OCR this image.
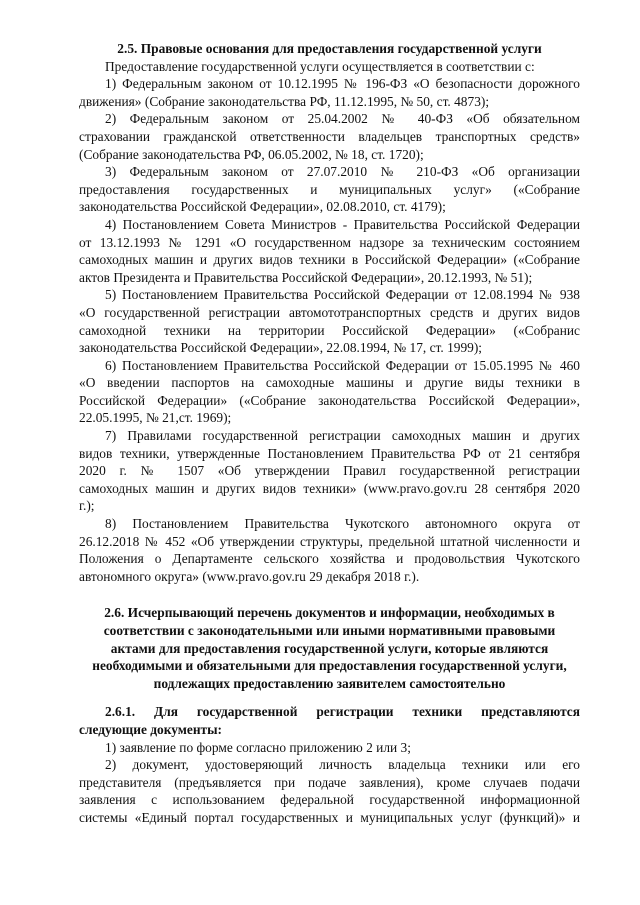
2.5. Правовые основания для предоставления государственной услуги
Предоставление государственной услуги осуществляется в соответствии с:
1) Федеральным законом от 10.12.1995 № 196-ФЗ «О безопасности дорожного
движения» (Собрание законодательства РФ, 11.12.1995, № 50, ст. 4873);
2) Федеральным законом от 25.04.2002 № 40-ФЗ «Об обязательном
страховании гражданской ответственности владельцев транспортных средств»
(Собрание законодательства РФ, 06.05.2002, № 18, ст. 1720);
3) Федеральным законом от 27.07.2010 № 210-ФЗ «Об организации
предоставления государственных и муниципальных услуг» («Собрание
законодательства Российской Федерации», 02.08.2010, ст. 4179);
4) Постановлением Совета Министров - Правительства Российской Федерации
от 13.12.1993 № 1291 «О государственном надзоре за техническим состоянием
самоходных машин и других видов техники в Российской Федерации» («Собрание
актов Президента и Правительства Российской Федерации», 20.12.1993, № 51);
5) Постановлением Правительства Российской Федерации от 12.08.1994 № 938
«О государственной регистрации автомототранспортных средств и других видов
самоходной техники на территории Российской Федерации» («Собранис
законодательства Российской Федерации», 22.08.1994, № 17, ст. 1999);
6) Постановлением Правительства Российской Федерации от 15.05.1995 № 460
«О введении паспортов на самоходные машины и другие виды техники в
Российской Федерации» («Собрание законодательства Российской Федерации»,
22.05.1995, № 21,ст. 1969);
7) Правилами государственной регистрации самоходных машин и других
видов техники, утвержденные Постановлением Правительства РФ от 21 сентября
2020 г. № 1507 «Об утверждении Правил государственной регистрации
самоходных машин и других видов техники» (www.pravo.gov.ru 28 сентября 2020
г.);
8) Постановлением Правительства Чукотского автономного округа от
26.12.2018 № 452 «Об утверждении структуры, предельной штатной численности и
Положения о Департаменте сельского хозяйства и продовольствия Чукотского
автономного округа» (www.pravo.gov.ru 29 декабря 2018 г.).
2.6. Исчерпывающий перечень документов и информации, необходимых в
соответствии с законодательными или иными нормативными правовыми
актами для предоставления государственной услуги, которые являются
необходимыми и обязательными для предоставления государственной услуги,
подлежащих предоставлению заявителем самостоятельно
2.6.1. Для государственной регистрации техники представляются
следующие документы:
1) заявление по форме согласно приложению 2 или 3;
2) документ, удостоверяющий личность владельца техники или его
представителя (предъявляется при подаче заявления), кроме случаев подачи
заявления с использованием федеральной государственной информационной
системы «Единый портал государственных и муниципальных услуг (функций)» и
